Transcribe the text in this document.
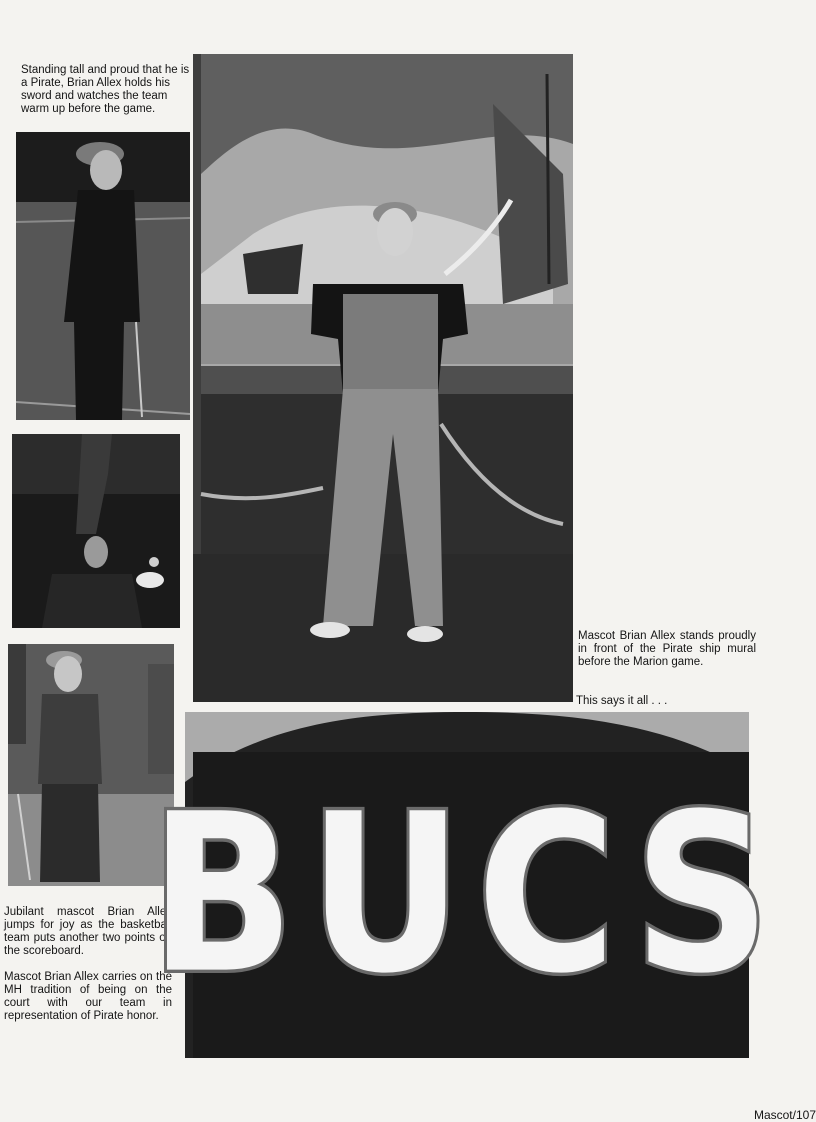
Standing tall and proud that he is a Pirate, Brian Allex holds his sword and watches the team warm up before the game.

Mascot Brian Allex stands proudly in front of the Pirate ship mural before the Marion game.

This says it all . . .

Jubilant mascot Brian Allex jumps for joy as the basketball team puts another two points on the scoreboard.

Mascot Brian Allex carries on the MH tradition of being on the court with our team in representation of Pirate honor.

BUCS
Mascot/107
